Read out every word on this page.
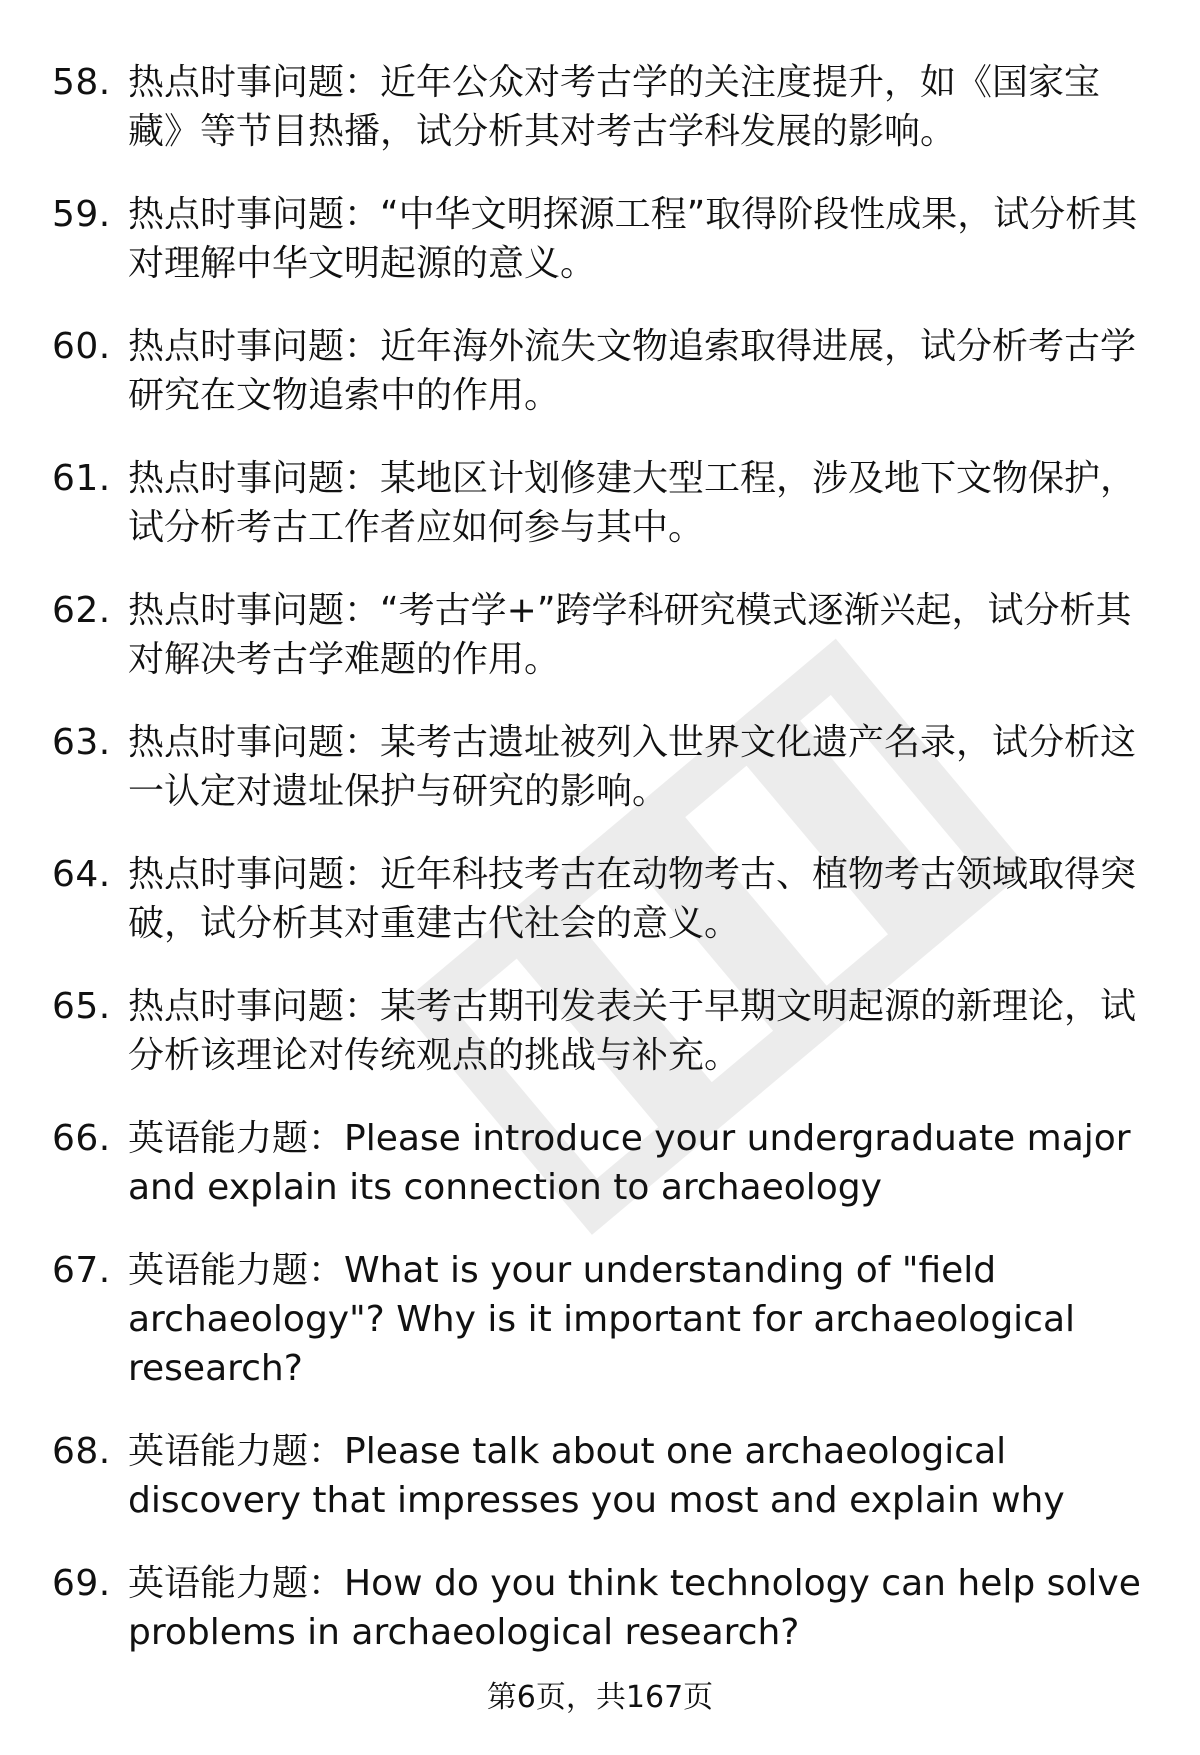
58. 热点时事问题：近年公众对考古学的关注度提升，如《国家宝藏》等节目热播，试分析其对考古学科发展的影响。
59. 热点时事问题：“中华文明探源工程”取得阶段性成果，试分析其对理解中华文明起源的意义。
60. 热点时事问题：近年海外流失文物追索取得进展，试分析考古学研究在文物追索中的作用。
61. 热点时事问题：某地区计划修建大型工程，涉及地下文物保护，试分析考古工作者应如何参与其中。
62. 热点时事问题：“考古学+”跨学科研究模式逐渐兴起，试分析其对解决考古学难题的作用。
63. 热点时事问题：某考古遗址被列入世界文化遗产名录，试分析这一认定对遗址保护与研究的影响。
64. 热点时事问题：近年科技考古在动物考古、植物考古领域取得突破，试分析其对重建古代社会的意义。
65. 热点时事问题：某考古期刊发表关于早期文明起源的新理论，试分析该理论对传统观点的挑战与补充。
66. 英语能力题：Please introduce your undergraduate major and explain its connection to archaeology
67. 英语能力题：What is your understanding of "field archaeology"? Why is it important for archaeological research?
68. 英语能力题：Please talk about one archaeological discovery that impresses you most and explain why
69. 英语能力题：How do you think technology can help solve problems in archaeological research?
第6页，共167页
